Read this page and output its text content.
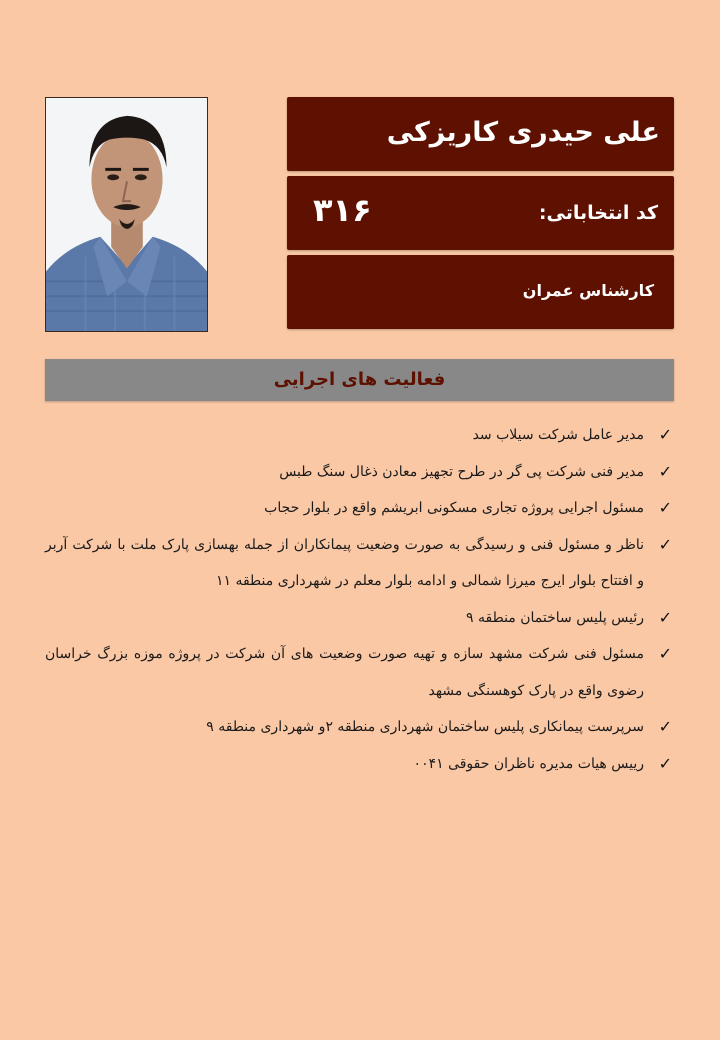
علی حیدری کاریزکی
کد انتخاباتی:
۳۱۶
کارشناس عمران
فعالیت های اجرایی
✓
مدیر عامل شرکت سیلاب سد
✓
مدیر فنی شرکت پی گر در طرح تجهیز معادن ذغال سنگ طبس
✓
مسئول اجرایی پروژه تجاری مسکونی ابریشم واقع در بلوار حجاب
✓
ناظر و مسئول فنی و رسیدگی به صورت وضعیت پیمانکاران از جمله بهسازی پارک ملت با شرکت آربر و افتتاح بلوار ایرج میرزا شمالی و ادامه بلوار معلم در شهرداری منطقه ۱۱
✓
رئیس پلیس ساختمان منطقه ۹
✓
مسئول فنی شرکت مشهد سازه و تهیه صورت وضعیت های آن شرکت در پروژه موزه بزرگ خراسان رضوی واقع در پارک کوهسنگی مشهد
✓
سرپرست پیمانکاری پلیس ساختمان شهرداری منطقه ۲و شهرداری منطقه ۹
✓
رییس هیات مدیره ناظران حقوقی ۰۰۴۱
